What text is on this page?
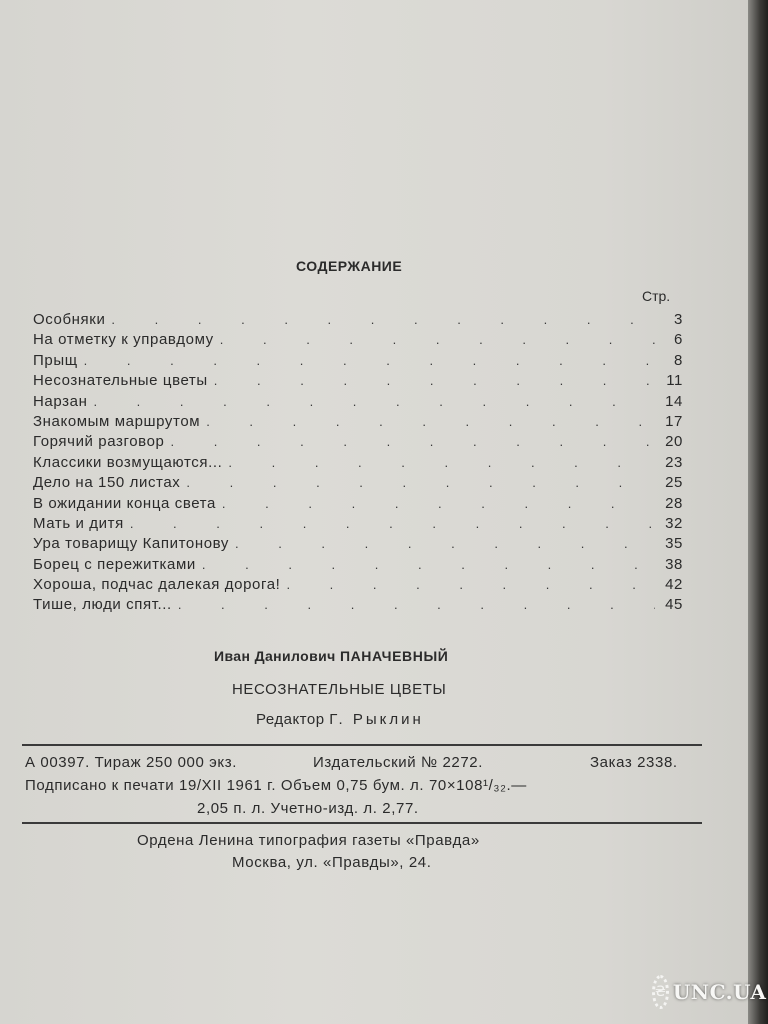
СОДЕРЖАНИЕ
Стр.
Особняки . . .	3
На отметку к управдому . . .	6
Прыщ . . .	8
Несознательные цветы . . .	11
Нарзан . . .	14
Знакомым маршрутом . . .	17
Горячий разговор . . .	20
Классики возмущаются... . . .	23
Дело на 150 листах . . .	25
В ожидании конца света . . .	28
Мать и дитя . . .	32
Ура товарищу Капитонову . . .	35
Борец с пережитками . . .	38
Хороша, подчас далекая дорога! . . .	42
Тише, люди спят... . . .	45
Иван Данилович ПАНАЧЕВНЫЙ
НЕСОЗНАТЕЛЬНЫЕ ЦВЕТЫ
Редактор Г. Рыклин
А 00397. Тираж 250 000 экз.	Издательский № 2272.	Заказ 2338.
Подписано к печати 19/XII 1961 г. Объем 0,75 бум. л. 70×108¹/₃₂.—
2,05 п. л. Учетно-изд. л. 2,77.
Ордена Ленина типография газеты «Правда»
Москва, ул. «Правды», 24.
₴ UNC.UA
